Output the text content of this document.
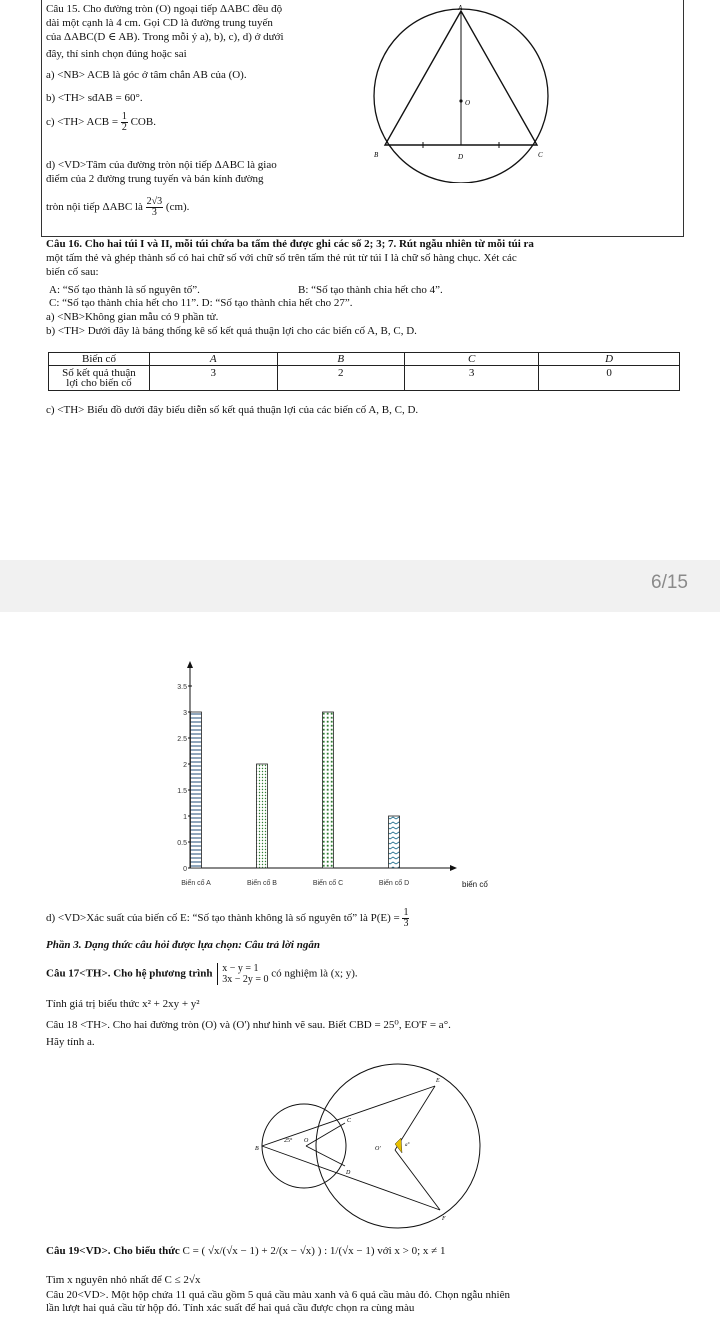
Câu 15. Cho đường tròn (O) ngoại tiếp ΔABC đều độ
dài một cạnh là 4 cm. Gọi CD là đường trung tuyến
của ΔABC(D ∈ AB). Trong mỗi ý a), b), c), d) ở dưới
đây, thí sinh chọn đúng hoặc sai
a) <NB> ACB là góc ở tâm chắn AB của (O).
b) <TH> sđAB = 60°.
c) <TH> ACB = $\frac{1}{2}$ COB.
d) <VD>Tâm của đường tròn nội tiếp ΔABC là giao
điểm của 2 đường trung tuyến và bán kính đường
tròn nội tiếp ΔABC là $\frac{2√3}{3} (cm)$.
A
O
B	D	C
Câu 16. Cho hai túi I và II, mỗi túi chứa ba tấm thẻ được ghi các số 2; 3; 7. Rút ngẫu nhiên từ mỗi túi ra
một tấm thẻ và ghép thành số có hai chữ số với chữ số trên tấm thẻ rút từ túi I là chữ số hàng chục. Xét các
biến cố sau:
A: “Số tạo thành là số nguyên tố”.	B: “Số tạo thành chia hết cho 4”.
C: “Số tạo thành chia hết cho 11”. D: “Số tạo thành chia hết cho 27”.
a) <NB>Không gian mẫu có 9 phần tử.
b) <TH> Dưới đây là bảng thống kê số kết quả thuận lợi cho các biến cố A, B, C, D.
Biến cố	A	B	C	D
Số kết quả thuận
lợi cho biến cố	3	2	3	0
c) <TH> Biểu đồ dưới đây biểu diễn số kết quả thuận lợi của các biến cố A, B, C, D.
6/15
0
0.5
1
1.5
2
2.5
3
3.5
Biến cố A	Biến cố B	Biến cố C	Biến cố D	biến cố
d) <VD>Xác suất của biến cố E: “Số tạo thành không là số nguyên tố” là $P(E) = \frac{1}{3}$
Phần 3. Dạng thức câu hỏi được lựa chọn: Câu trả lời ngắn
Câu 17<TH>. Cho hệ phương trình x − y = 1
3x − 2y = 0 có nghiệm là (x; y).
Tính giá trị biểu thức x² + 2xy + y²
Câu 18 <TH>. Cho hai đường tròn (O) và (O') như hình vẽ sau. Biết CBD = 25⁰, EO'F = a°.
Hãy tính a.
B
25° O
C
D
E
F
O'
a°
Câu 19<VD>. Cho biểu thức C = ( √x/(√x − 1) + 2/(x − √x) ) : 1/(√x − 1) với x > 0; x ≠ 1
Tìm x nguyên nhỏ nhất để C ≤ 2√x
Câu 20<VD>. Một hộp chứa 11 quả cầu gồm 5 quả cầu màu xanh và 6 quả cầu màu đỏ. Chọn ngẫu nhiên
lần lượt hai quả cầu từ hộp đó. Tính xác suất để hai quả cầu được chọn ra cùng màu
